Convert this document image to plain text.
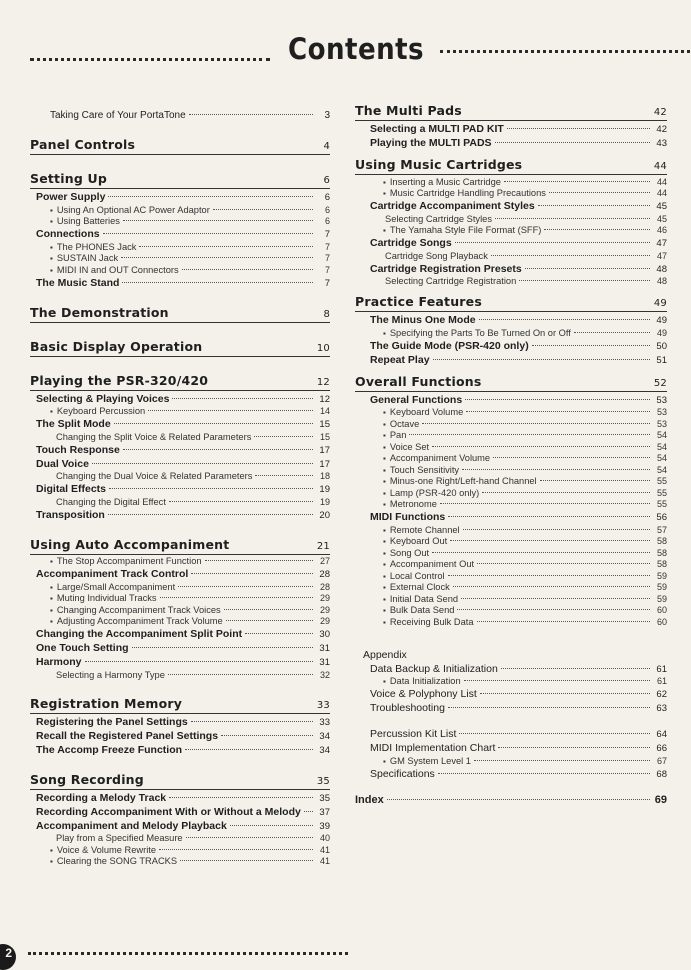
Contents
Taking Care of Your PortaTone	3
Panel Controls	4
Setting Up	6
Power Supply	6
▪ Using An Optional AC Power Adaptor	6
▪ Using Batteries	6
Connections	7
▪ The PHONES Jack	7
▪ SUSTAIN Jack	7
▪ MIDI IN and OUT Connectors	7
The Music Stand	7
The Demonstration	8
Basic Display Operation	10
Playing the PSR-320/420	12
Selecting & Playing Voices	12
▪ Keyboard Percussion	14
The Split Mode	15
Changing the Split Voice & Related Parameters	15
Touch Response	17
Dual Voice	17
Changing the Dual Voice & Related Parameters	18
Digital Effects	19
Changing the Digital Effect	19
Transposition	20
Using Auto Accompaniment	21
▪ The Stop Accompaniment Function	27
Accompaniment Track Control	28
▪ Large/Small Accompaniment	28
▪ Muting Individual Tracks	29
▪ Changing Accompaniment Track Voices	29
▪ Adjusting Accompaniment Track Volume	29
Changing the Accompaniment Split Point	30
One Touch Setting	31
Harmony	31
Selecting a Harmony Type	32
Registration Memory	33
Registering the Panel Settings	33
Recall the Registered Panel Settings	34
The Accomp Freeze Function	34
Song Recording	35
Recording a Melody Track	35
Recording Accompaniment With or Without a Melody	37
Accompaniment and Melody Playback	39
Play from a Specified Measure	40
▪ Voice & Volume Rewrite	41
▪ Clearing the SONG TRACKS	41
The Multi Pads	42
Selecting a MULTI PAD KIT	42
Playing the MULTI PADS	43
Using Music Cartridges	44
▪ Inserting a Music Cartridge	44
▪ Music Cartridge Handling Precautions	44
Cartridge Accompaniment Styles	45
Selecting Cartridge Styles	45
▪ The Yamaha Style File Format (SFF)	46
Cartridge Songs	47
Cartridge Song Playback	47
Cartridge Registration Presets	48
Selecting Cartridge Registration	48
Practice Features	49
The Minus One Mode	49
▪ Specifying the Parts To Be Turned On or Off	49
The Guide Mode (PSR-420 only)	50
Repeat Play	51
Overall Functions	52
General Functions	53
▪ Keyboard Volume	53
▪ Octave	53
▪ Pan	54
▪ Voice Set	54
▪ Accompaniment Volume	54
▪ Touch Sensitivity	54
▪ Minus-one Right/Left-hand Channel	55
▪ Lamp (PSR-420 only)	55
▪ Metronome	55
MIDI Functions	56
▪ Remote Channel	57
▪ Keyboard Out	58
▪ Song Out	58
▪ Accompaniment Out	58
▪ Local Control	59
▪ External Clock	59
▪ Initial Data Send	59
▪ Bulk Data Send	60
▪ Receiving Bulk Data	60
Appendix
Data Backup & Initialization	61
▪ Data Initialization	61
Voice & Polyphony List	62
Troubleshooting	63
Percussion Kit List	64
MIDI Implementation Chart	66
▪ GM System Level 1	67
Specifications	68
Index	69
2
